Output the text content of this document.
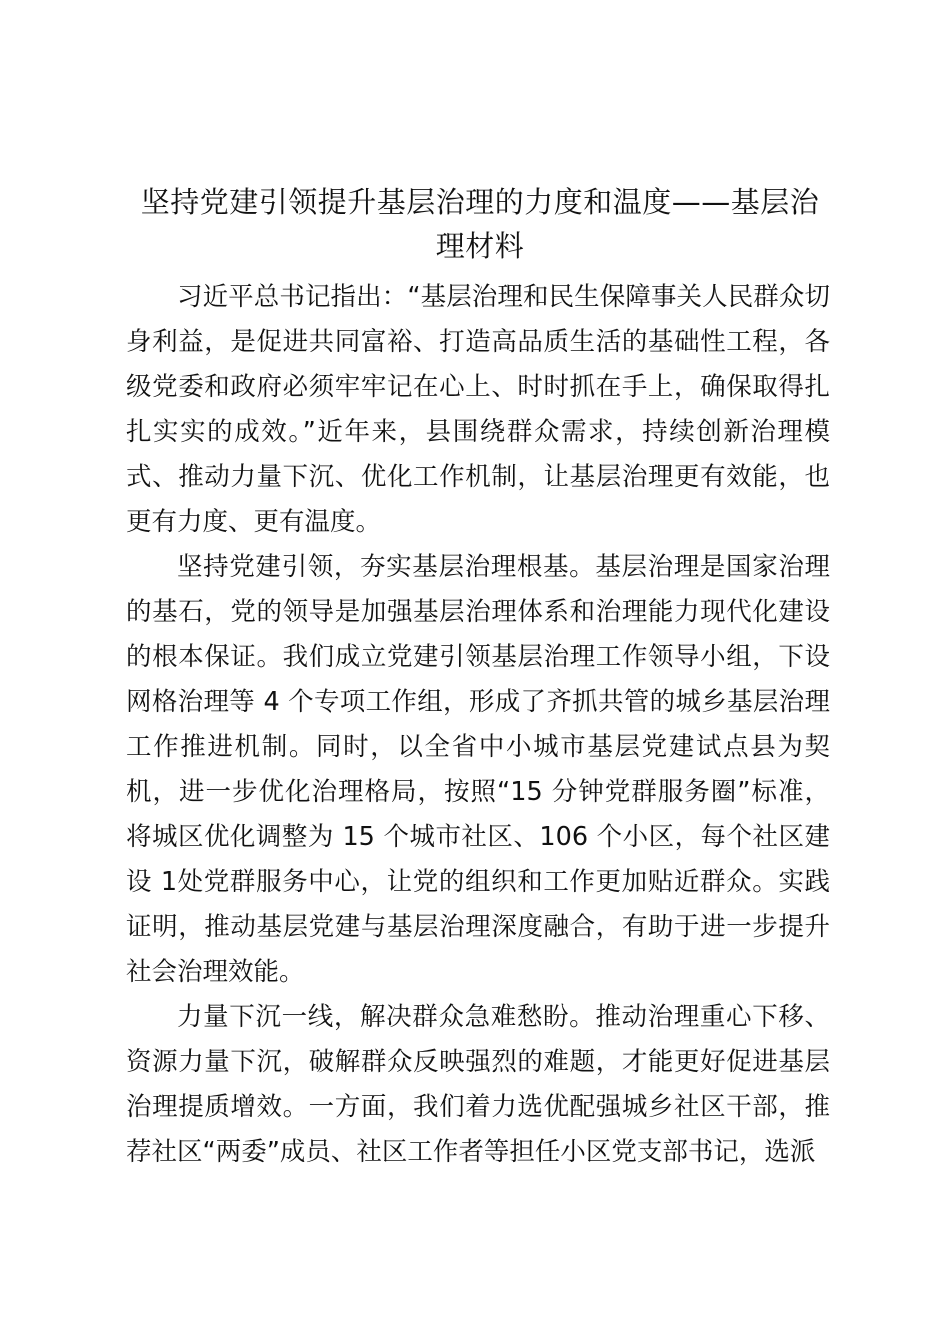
坚持党建引领提升基层治理的力度和温度——基层治理材料

习近平总书记指出：“基层治理和民生保障事关人民群众切身利益，是促进共同富裕、打造高品质生活的基础性工程，各级党委和政府必须牢牢记在心上、时时抓在手上，确保取得扎扎实实的成效。”近年来，县围绕群众需求，持续创新治理模式、推动力量下沉、优化工作机制，让基层治理更有效能，也更有力度、更有温度。

坚持党建引领，夯实基层治理根基。基层治理是国家治理的基石，党的领导是加强基层治理体系和治理能力现代化建设的根本保证。我们成立党建引领基层治理工作领导小组，下设网格治理等 4 个专项工作组，形成了齐抓共管的城乡基层治理工作推进机制。同时，以全省中小城市基层党建试点县为契机，进一步优化治理格局，按照“15 分钟党群服务圈”标准，将城区优化调整为 15 个城市社区、106 个小区，每个社区建设 1处党群服务中心，让党的组织和工作更加贴近群众。实践证明，推动基层党建与基层治理深度融合，有助于进一步提升社会治理效能。

力量下沉一线，解决群众急难愁盼。推动治理重心下移、资源力量下沉，破解群众反映强烈的难题，才能更好促进基层治理提质增效。一方面，我们着力选优配强城乡社区干部，推荐社区“两委”成员、社区工作者等担任小区党支部书记，选派
